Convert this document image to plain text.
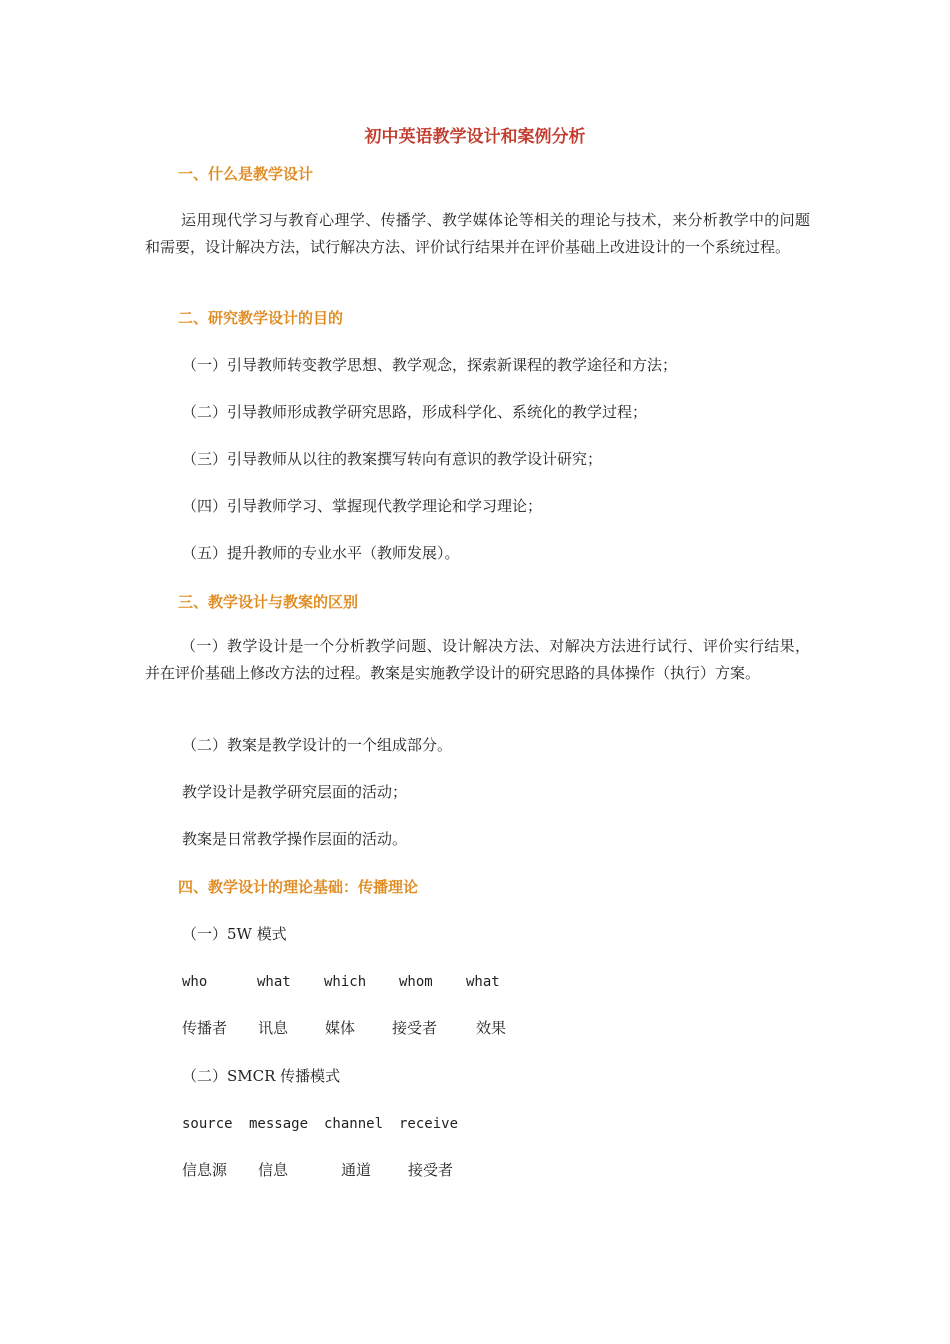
初中英语教学设计和案例分析
一、什么是教学设计
运用现代学习与教育心理学、传播学、教学媒体论等相关的理论与技术，来分析教学中的问题和需要，设计解决方法，试行解决方法、评价试行结果并在评价基础上改进设计的一个系统过程。
二、研究教学设计的目的
（一）引导教师转变教学思想、教学观念，探索新课程的教学途径和方法；
（二）引导教师形成教学研究思路，形成科学化、系统化的教学过程；
（三）引导教师从以往的教案撰写转向有意识的教学设计研究；
（四）引导教师学习、掌握现代教学理论和学习理论；
（五）提升教师的专业水平（教师发展）。
三、教学设计与教案的区别
（一）教学设计是一个分析教学问题、设计解决方法、对解决方法进行试行、评价实行结果，并在评价基础上修改方法的过程。教案是实施教学设计的研究思路的具体操作（执行）方案。
（二）教案是教学设计的一个组成部分。
教学设计是教学研究层面的活动；
教案是日常教学操作层面的活动。
四、教学设计的理论基础：传播理论
（一）5W 模式
who	what which whom what
传播者 讯息 媒体 接受者	效果
（二）SMCR 传播模式
source message channel receive
信息源 信息	通道 接受者
